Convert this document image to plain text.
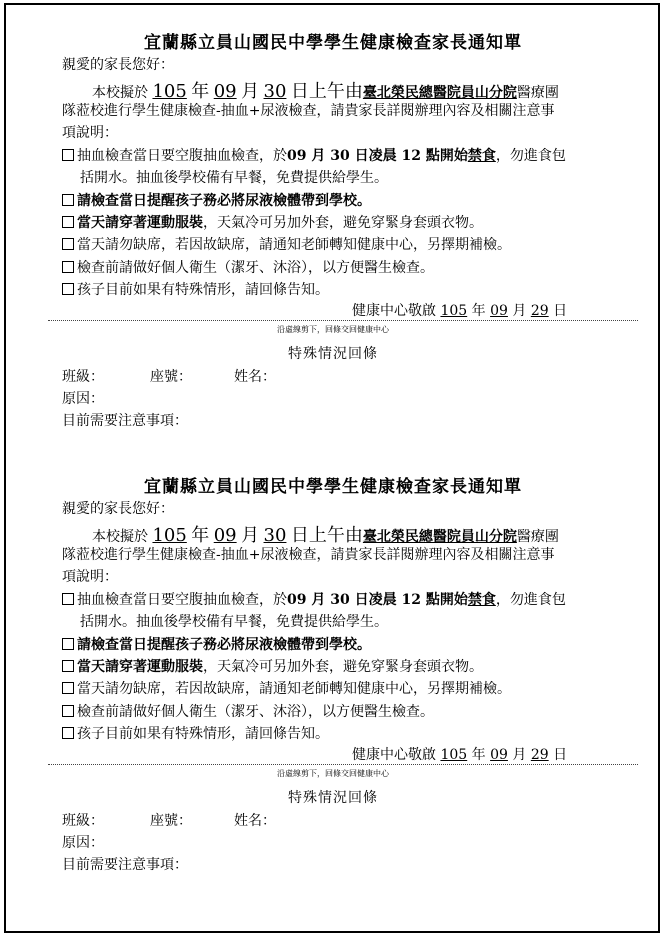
宜蘭縣立員山國民中學學生健康檢查家長通知單
親愛的家長您好：
本校擬於 105 年 09 月 30 日上午由臺北榮民總醫院員山分院醫療團
隊蒞校進行學生健康檢查-抽血+尿液檢查，請貴家長詳閱辦理內容及相關注意事
項說明：
抽血檢查當日要空腹抽血檢查，於09 月 30 日凌晨 12 點開始禁食，勿進食包
括開水。抽血後學校備有早餐，免費提供給學生。
請檢查當日提醒孩子務必將尿液檢體帶到學校。
當天請穿著運動服裝，天氣冷可另加外套，避免穿緊身套頭衣物。
當天請勿缺席，若因故缺席，請通知老師轉知健康中心，另擇期補檢。
檢查前請做好個人衛生（潔牙、沐浴），以方便醫生檢查。
孩子目前如果有特殊情形，請回條告知。
健康中心敬啟 105 年 09 月 29 日
沿虛線剪下，回條交回健康中心
特殊情況回條
班級：	座號：	姓名：
原因：
目前需要注意事項：
宜蘭縣立員山國民中學學生健康檢查家長通知單
親愛的家長您好：
本校擬於 105 年 09 月 30 日上午由臺北榮民總醫院員山分院醫療團
隊蒞校進行學生健康檢查-抽血+尿液檢查，請貴家長詳閱辦理內容及相關注意事
項說明：
抽血檢查當日要空腹抽血檢查，於09 月 30 日凌晨 12 點開始禁食，勿進食包
括開水。抽血後學校備有早餐，免費提供給學生。
請檢查當日提醒孩子務必將尿液檢體帶到學校。
當天請穿著運動服裝，天氣冷可另加外套，避免穿緊身套頭衣物。
當天請勿缺席，若因故缺席，請通知老師轉知健康中心，另擇期補檢。
檢查前請做好個人衛生（潔牙、沐浴），以方便醫生檢查。
孩子目前如果有特殊情形，請回條告知。
健康中心敬啟 105 年 09 月 29 日
沿虛線剪下，回條交回健康中心
特殊情況回條
班級：	座號：	姓名：
原因：
目前需要注意事項：
